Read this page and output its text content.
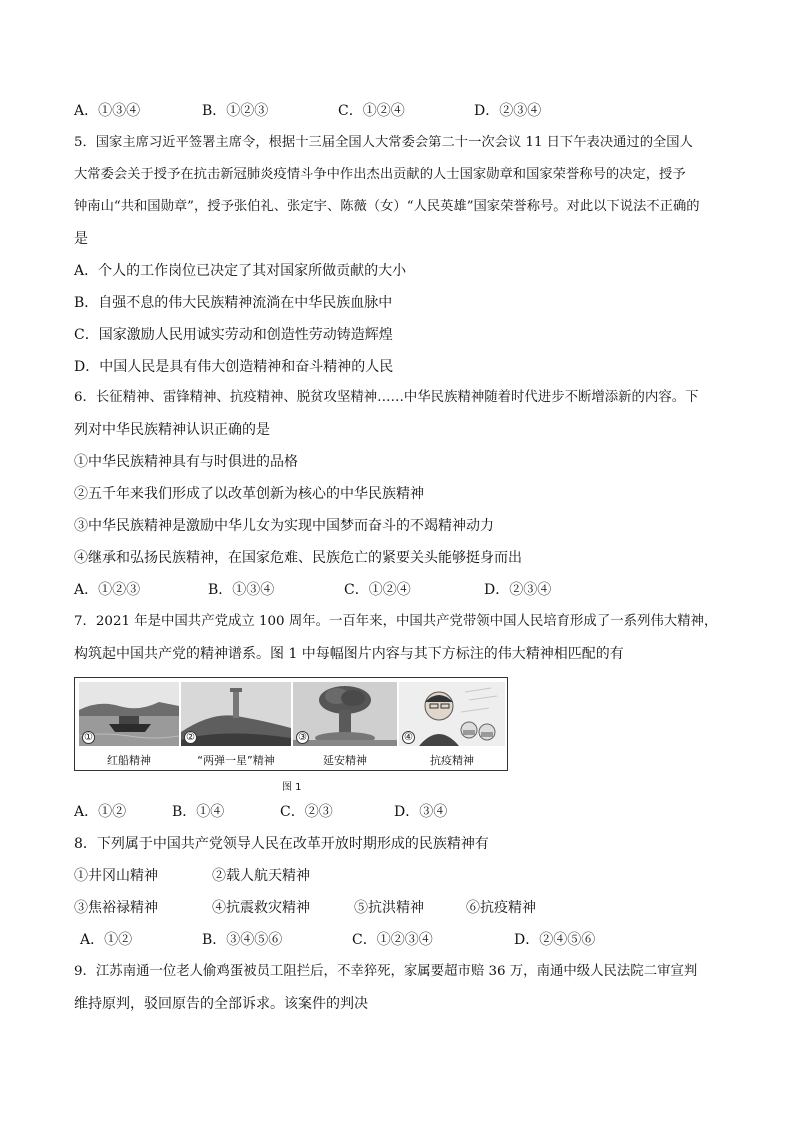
A．①③④	B．①②③	C．①②④	D．②③④
5．国家主席习近平签署主席令，根据十三届全国人大常委会第二十一次会议 11 日下午表决通过的全国人
大常委会关于授予在抗击新冠肺炎疫情斗争中作出杰出贡献的人士国家勋章和国家荣誉称号的决定，授予
钟南山“共和国勋章”，授予张伯礼、张定宇、陈薇（女）“人民英雄”国家荣誉称号。对此以下说法不正确的
是
A．个人的工作岗位已决定了其对国家所做贡献的大小
B．自强不息的伟大民族精神流淌在中华民族血脉中
C．国家激励人民用诚实劳动和创造性劳动铸造辉煌
D．中国人民是具有伟大创造精神和奋斗精神的人民
6．长征精神、雷锋精神、抗疫精神、脱贫攻坚精神……中华民族精神随着时代进步不断增添新的内容。下
列对中华民族精神认识正确的是
①中华民族精神具有与时俱进的品格
②五千年来我们形成了以改革创新为核心的中华民族精神
③中华民族精神是激励中华儿女为实现中国梦而奋斗的不竭精神动力
④继承和弘扬民族精神，在国家危难、民族危亡的紧要关头能够挺身而出
A．①②③	B．①③④	C．①②④	D．②③④
7．2021 年是中国共产党成立 100 周年。一百年来，中国共产党带领中国人民培育形成了一系列伟大精神，
构筑起中国共产党的精神谱系。图 1 中每幅图片内容与其下方标注的伟大精神相匹配的有
①	②	③	④
红船精神	“两弹一星”精神	延安精神	抗疫精神
图 1
A．①②	B．①④	C．②③	D．③④
8．下列属于中国共产党领导人民在改革开放时期形成的民族精神有
①井冈山精神	②载人航天精神
③焦裕禄精神	④抗震救灾精神	⑤抗洪精神	⑥抗疫精神
A．①②	B．③④⑤⑥	C．①②③④	D．②④⑤⑥
9．江苏南通一位老人偷鸡蛋被员工阻拦后，不幸猝死，家属要超市赔 36 万，南通中级人民法院二审宣判
维持原判，驳回原告的全部诉求。该案件的判决
